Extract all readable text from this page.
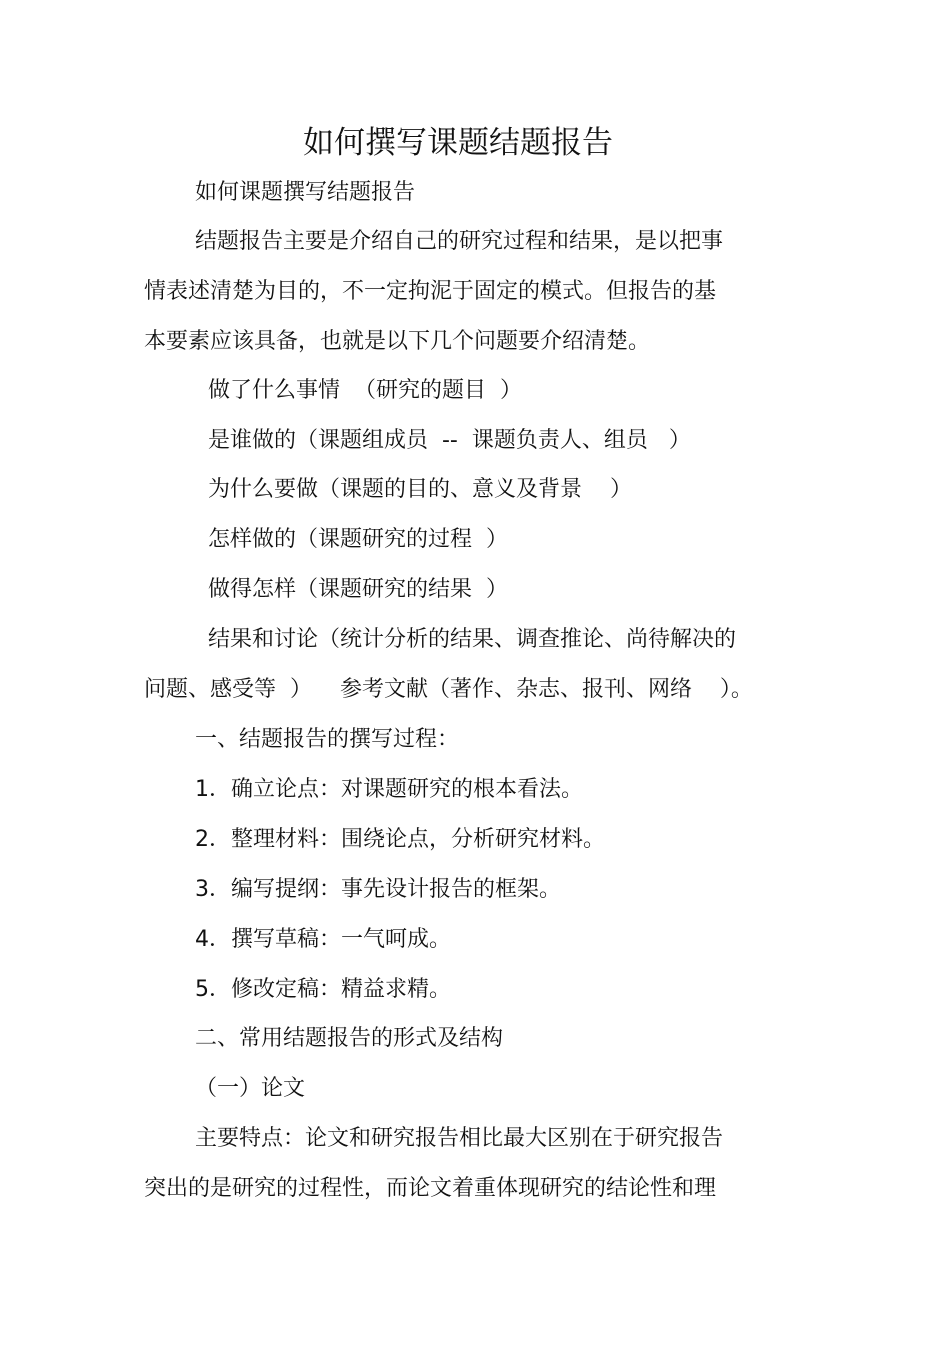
如何撰写课题结题报告

如何课题撰写结题报告

结题报告主要是介绍自己的研究过程和结果，是以把事

情表述清楚为目的，不一定拘泥于固定的模式。但报告的基

本要素应该具备，也就是以下几个问题要介绍清楚。

做了什么事情  （研究的题目  ）

是谁做的（课题组成员  --  课题负责人、组员   ）

为什么要做（课题的目的、意义及背景    ）

怎样做的（课题研究的过程  ）

做得怎样（课题研究的结果  ）

结果和讨论（统计分析的结果、调查推论、尚待解决的

问题、感受等  ）    参考文献（著作、杂志、报刊、网络    ）。

一、结题报告的撰写过程：

1．确立论点：对课题研究的根本看法。

2．整理材料：围绕论点，分析研究材料。

3．编写提纲：事先设计报告的框架。

4．撰写草稿：一气呵成。

5．修改定稿：精益求精。

二、常用结题报告的形式及结构

（一）论文

主要特点：论文和研究报告相比最大区别在于研究报告

突出的是研究的过程性，而论文着重体现研究的结论性和理
